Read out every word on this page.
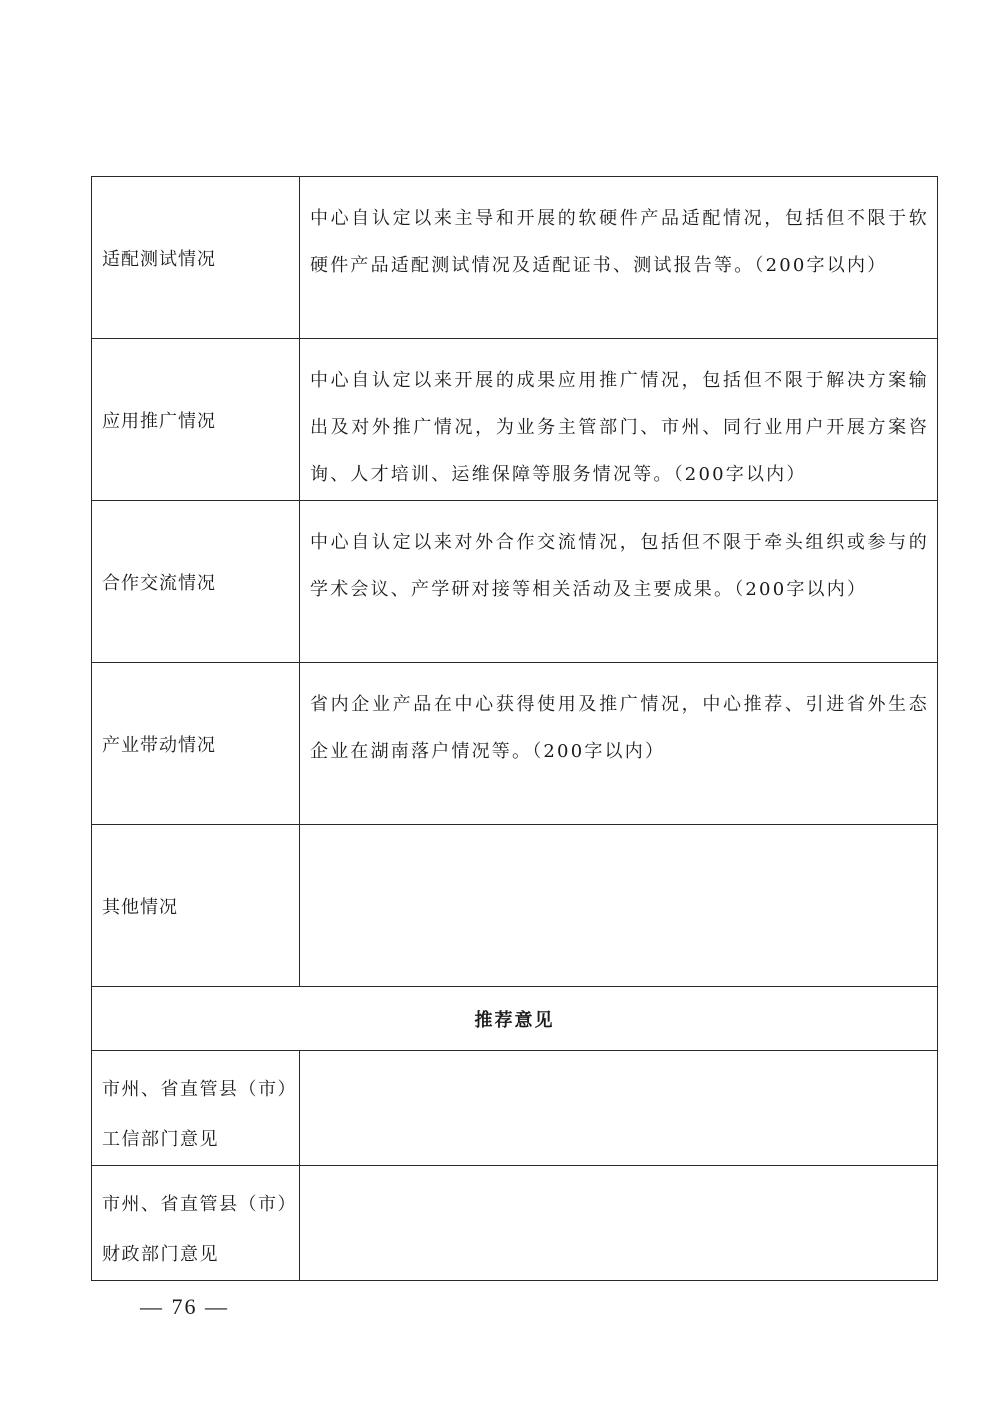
适配测试情况	中心自认定以来主导和开展的软硬件产品适配情况，包括但不限于软硬件产品适配测试情况及适配证书、测试报告等。（200字以内）

应用推广情况	中心自认定以来开展的成果应用推广情况，包括但不限于解决方案输出及对外推广情况，为业务主管部门、市州、同行业用户开展方案咨询、人才培训、运维保障等服务情况等。（200字以内）

合作交流情况	中心自认定以来对外合作交流情况，包括但不限于牵头组织或参与的学术会议、产学研对接等相关活动及主要成果。（200字以内）

产业带动情况	省内企业产品在中心获得使用及推广情况，中心推荐、引进省外生态企业在湖南落户情况等。（200字以内）

其他情况	

推荐意见	

市州、省直管县（市）
工信部门意见	

市州、省直管县（市）
财政部门意见	

— 76 —
